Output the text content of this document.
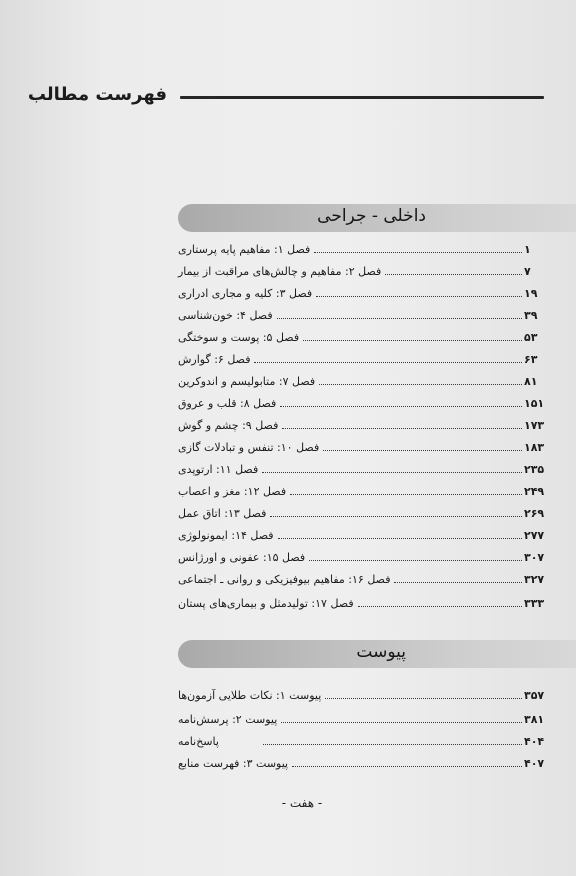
فهرست مطالب
داخلی - جراحی
فصل ۱: مفاهیم پایه پرستاری	۱
فصل ۲: مفاهیم و چالش‌های مراقبت از بیمار	۷
فصل ۳: کلیه و مجاری ادراری	۱۹
فصل ۴: خون‌شناسی	۳۹
فصل ۵: پوست و سوختگی	۵۳
فصل ۶: گوارش	۶۳
فصل ۷: متابولیسم و اندوکرین	۸۱
فصل ۸: قلب و عروق	۱۵۱
فصل ۹: چشم و گوش	۱۷۳
فصل ۱۰: تنفس و تبادلات گازی	۱۸۳
فصل ۱۱: ارتوپدی	۲۳۵
فصل ۱۲: مغز و اعصاب	۲۴۹
فصل ۱۳: اتاق عمل	۲۶۹
فصل ۱۴: ایمونولوژی	۲۷۷
فصل ۱۵: عفونی و اورژانس	۳۰۷
فصل ۱۶: مفاهیم بیوفیزیکی و روانی ـ اجتماعی	۳۲۷
فصل ۱۷: تولیدمثل و بیماری‌های پستان	۳۳۳
پیوست
پیوست ۱: نکات طلایی آزمون‌ها	۳۵۷
پیوست ۲: پرسش‌نامه	۳۸۱
پاسخ‌نامه	۴۰۴
پیوست ۳: فهرست منابع	۴۰۷
- هفت -
